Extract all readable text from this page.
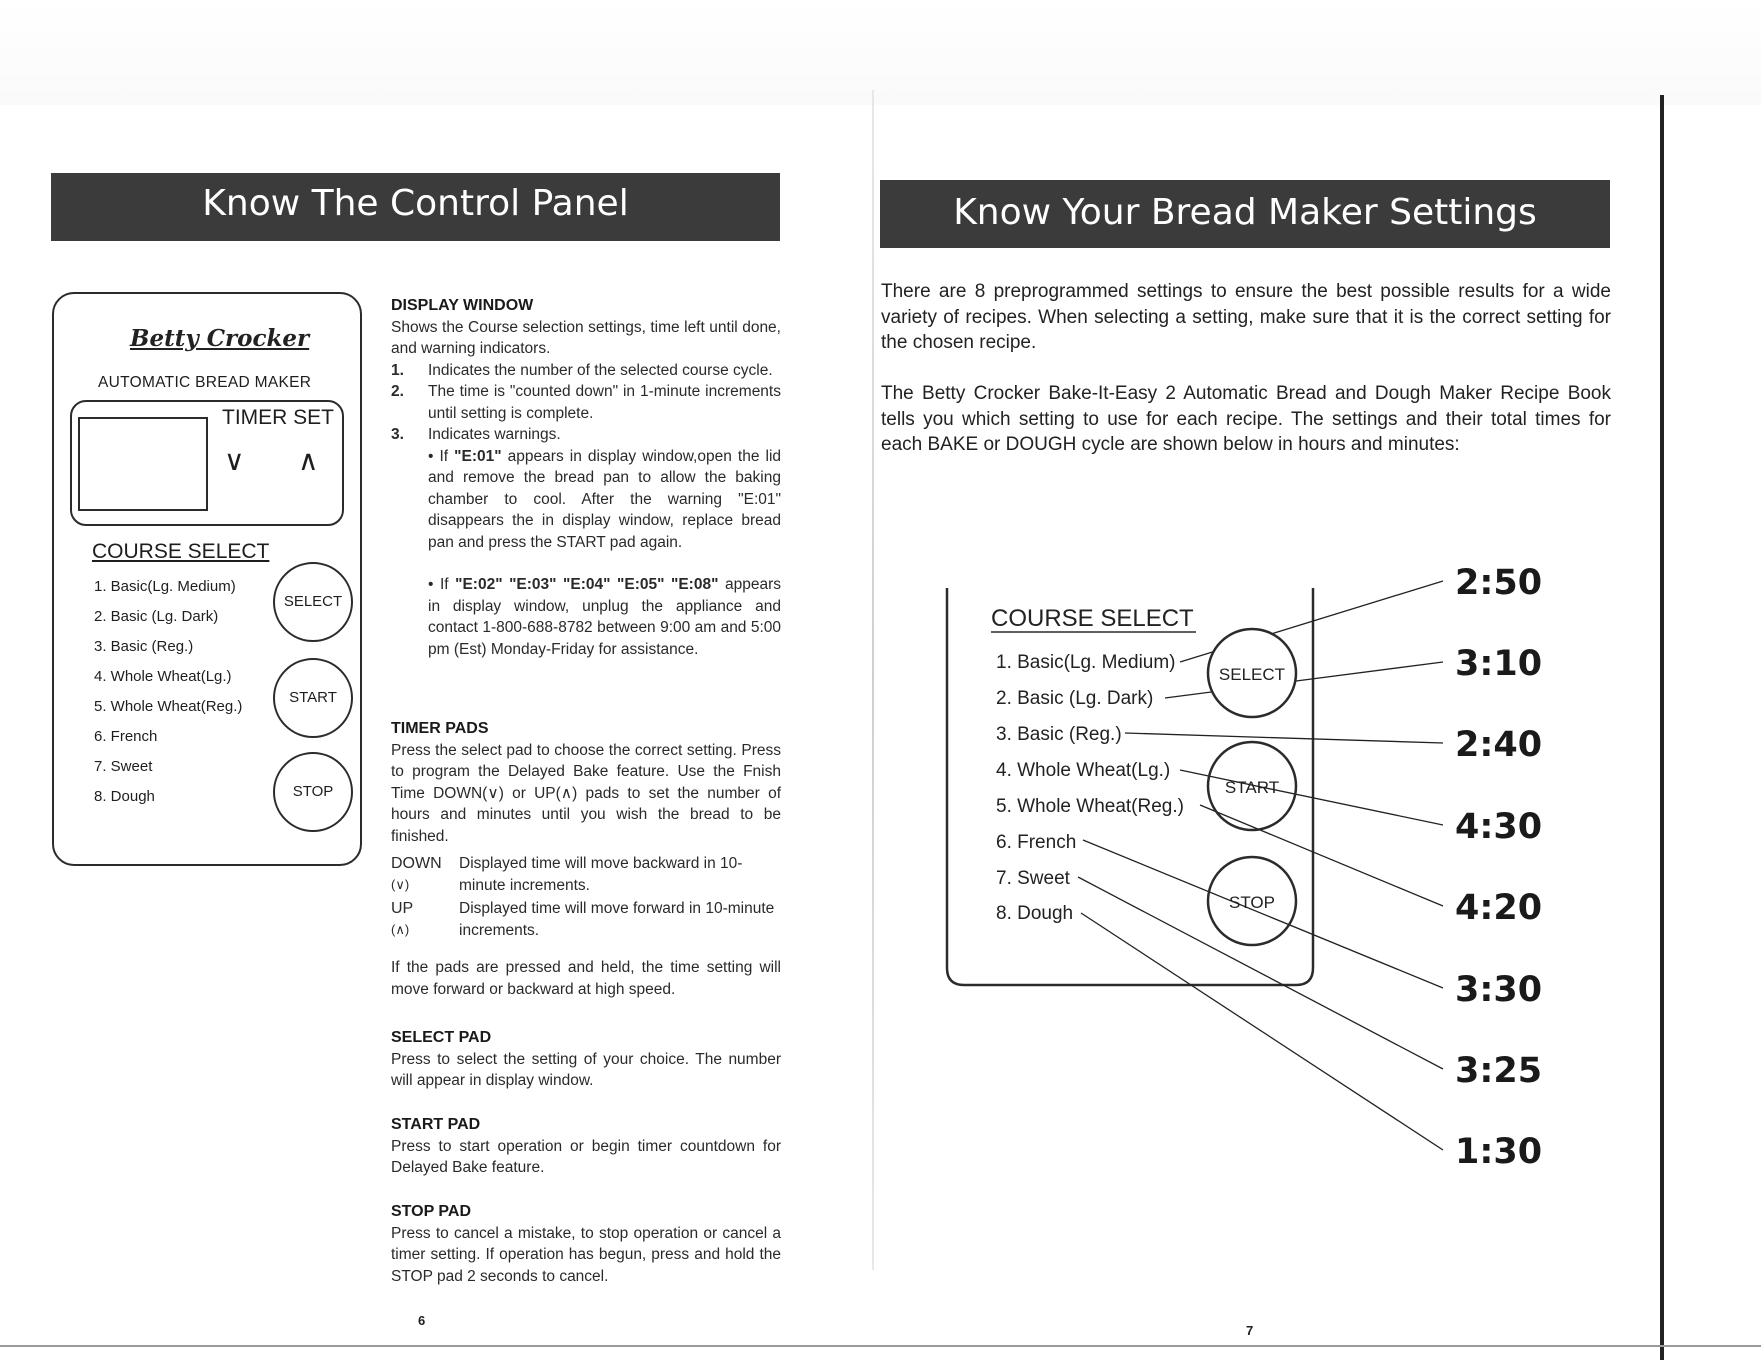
Know The Control Panel
Betty Crocker
AUTOMATIC BREAD MAKER
TIMER SET
∨ ∧
COURSE SELECT
1. Basic(Lg. Medium)
2. Basic (Lg. Dark)
3. Basic (Reg.)
4. Whole Wheat(Lg.)
5. Whole Wheat(Reg.)
6. French
7. Sweet
8. Dough
SELECT
START
STOP

DISPLAY WINDOW

Shows the Course selection settings, time left until done, and warning indicators.

1. Indicates the number of the selected course cycle.
2. The time is "counted down" in 1-minute increments until setting is complete.
3. Indicates warnings.

• If "E:01" appears in display window,open the lid and remove the bread pan to allow the baking chamber to cool. After the warning "E:01" disappears the in display window, replace bread pan and press the START pad again.

• If "E:02" "E:03" "E:04" "E:05" "E:08" appears in display window, unplug the appliance and contact 1-800-688-8782 between 9:00 am and 5:00 pm (Est) Monday-Friday for assistance.

TIMER PADS

Press the select pad to choose the correct setting. Press to program the Delayed Bake feature. Use the Fnish Time DOWN(∨) or UP(∧) pads to set the number of hours and minutes until you wish the bread to be finished.

DOWN
(∨)
Displayed time will move backward in 10-minute increments.
UP
(∧)
Displayed time will move forward in 10-minute increments.

If the pads are pressed and held, the time setting will move forward or backward at high speed.

SELECT PAD

Press to select the setting of your choice. The number will appear in display window.

START PAD

Press to start operation or begin timer countdown for Delayed Bake feature.

STOP PAD

Press to cancel a mistake, to stop operation or cancel a timer setting. If operation has begun, press and hold the STOP pad 2 seconds to cancel.

6
Know Your Bread Maker Settings

There are 8 preprogrammed settings to ensure the best possible results for a wide variety of recipes. When selecting a setting, make sure that it is the correct setting for the chosen recipe.

The Betty Crocker Bake-It-Easy 2 Automatic Bread and Dough Maker Recipe Book tells you which setting to use for each recipe. The settings and their total times for each BAKE or DOUGH cycle are shown below in hours and minutes:

COURSE SELECT
1. Basic(Lg. Medium)
2. Basic (Lg. Dark)
3. Basic (Reg.)
4. Whole Wheat(Lg.)
5. Whole Wheat(Reg.)
6. French
7. Sweet
8. Dough
SELECT
START
STOP
2:50
3:10
2:40
4:30
4:20
3:30
3:25
1:30
7
